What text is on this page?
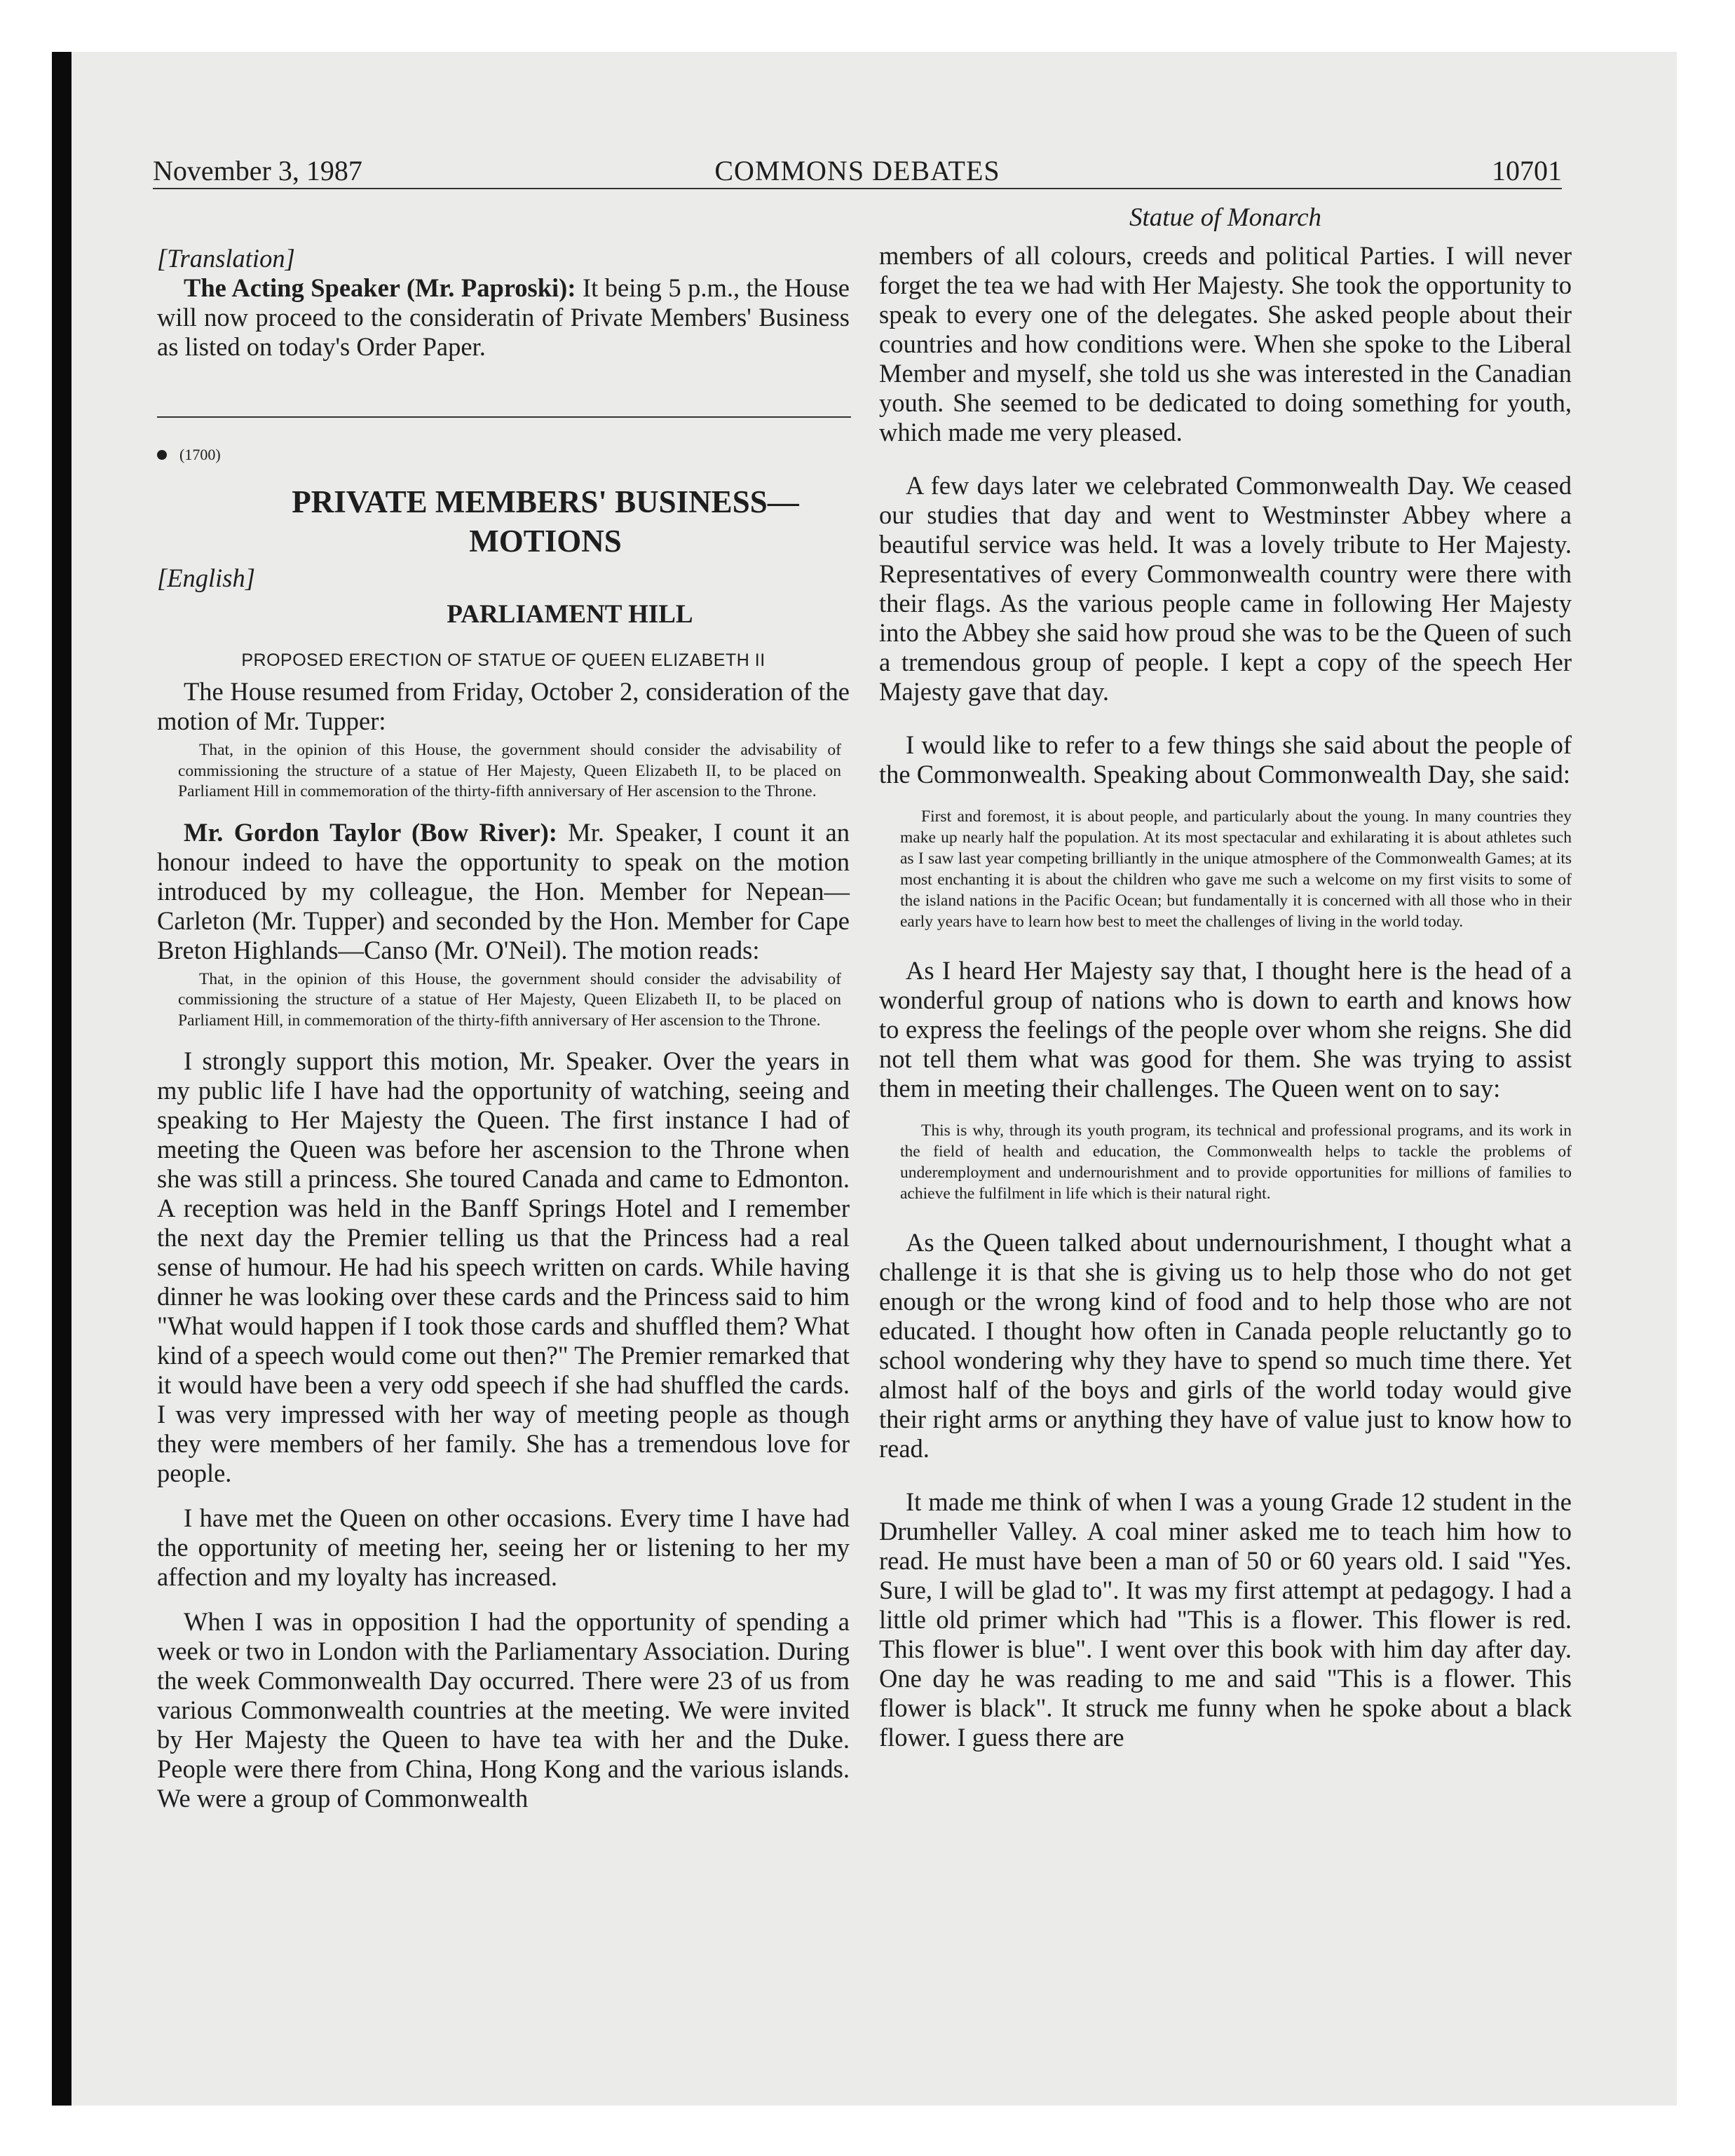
November 3, 1987	COMMONS DEBATES	10701

[Translation]

The Acting Speaker (Mr. Paproski): It being 5 p.m., the House will now proceed to the consideratin of Private Members' Business as listed on today's Order Paper.

(1700)
PRIVATE MEMBERS' BUSINESS—
MOTIONS

[English]

PARLIAMENT HILL
PROPOSED ERECTION OF STATUE OF QUEEN ELIZABETH II

The House resumed from Friday, October 2, consideration of the motion of Mr. Tupper:

That, in the opinion of this House, the government should consider the advisability of commissioning the structure of a statue of Her Majesty, Queen Elizabeth II, to be placed on Parliament Hill in commemoration of the thirty-fifth anniversary of Her ascension to the Throne.

Mr. Gordon Taylor (Bow River): Mr. Speaker, I count it an honour indeed to have the opportunity to speak on the motion introduced by my colleague, the Hon. Member for Nepean—Carleton (Mr. Tupper) and seconded by the Hon. Member for Cape Breton Highlands—Canso (Mr. O'Neil). The motion reads:

That, in the opinion of this House, the government should consider the advisability of commissioning the structure of a statue of Her Majesty, Queen Elizabeth II, to be placed on Parliament Hill, in commemoration of the thirty-fifth anniversary of Her ascension to the Throne.

I strongly support this motion, Mr. Speaker. Over the years in my public life I have had the opportunity of watching, seeing and speaking to Her Majesty the Queen. The first instance I had of meeting the Queen was before her ascension to the Throne when she was still a princess. She toured Canada and came to Edmonton. A reception was held in the Banff Springs Hotel and I remember the next day the Premier telling us that the Princess had a real sense of humour. He had his speech written on cards. While having dinner he was looking over these cards and the Princess said to him "What would happen if I took those cards and shuffled them? What kind of a speech would come out then?" The Premier remarked that it would have been a very odd speech if she had shuffled the cards. I was very impressed with her way of meeting people as though they were members of her family. She has a tremendous love for people.

I have met the Queen on other occasions. Every time I have had the opportunity of meeting her, seeing her or listening to her my affection and my loyalty has increased.

When I was in opposition I had the opportunity of spending a week or two in London with the Parliamentary Association. During the week Commonwealth Day occurred. There were 23 of us from various Commonwealth countries at the meeting. We were invited by Her Majesty the Queen to have tea with her and the Duke. People were there from China, Hong Kong and the various islands. We were a group of Commonwealth

Statue of Monarch

members of all colours, creeds and political Parties. I will never forget the tea we had with Her Majesty. She took the opportunity to speak to every one of the delegates. She asked people about their countries and how conditions were. When she spoke to the Liberal Member and myself, she told us she was interested in the Canadian youth. She seemed to be dedicated to doing something for youth, which made me very pleased.

A few days later we celebrated Commonwealth Day. We ceased our studies that day and went to Westminster Abbey where a beautiful service was held. It was a lovely tribute to Her Majesty. Representatives of every Commonwealth country were there with their flags. As the various people came in following Her Majesty into the Abbey she said how proud she was to be the Queen of such a tremendous group of people. I kept a copy of the speech Her Majesty gave that day.

I would like to refer to a few things she said about the people of the Commonwealth. Speaking about Commonwealth Day, she said:

First and foremost, it is about people, and particularly about the young. In many countries they make up nearly half the population. At its most spectacular and exhilarating it is about athletes such as I saw last year competing brilliantly in the unique atmosphere of the Commonwealth Games; at its most enchanting it is about the children who gave me such a welcome on my first visits to some of the island nations in the Pacific Ocean; but fundamentally it is concerned with all those who in their early years have to learn how best to meet the challenges of living in the world today.

As I heard Her Majesty say that, I thought here is the head of a wonderful group of nations who is down to earth and knows how to express the feelings of the people over whom she reigns. She did not tell them what was good for them. She was trying to assist them in meeting their challenges. The Queen went on to say:

This is why, through its youth program, its technical and professional programs, and its work in the field of health and education, the Commonwealth helps to tackle the problems of underemployment and undernourishment and to provide opportunities for millions of families to achieve the fulfilment in life which is their natural right.

As the Queen talked about undernourishment, I thought what a challenge it is that she is giving us to help those who do not get enough or the wrong kind of food and to help those who are not educated. I thought how often in Canada people reluctantly go to school wondering why they have to spend so much time there. Yet almost half of the boys and girls of the world today would give their right arms or anything they have of value just to know how to read.

It made me think of when I was a young Grade 12 student in the Drumheller Valley. A coal miner asked me to teach him how to read. He must have been a man of 50 or 60 years old. I said "Yes. Sure, I will be glad to". It was my first attempt at pedagogy. I had a little old primer which had "This is a flower. This flower is red. This flower is blue". I went over this book with him day after day. One day he was reading to me and said "This is a flower. This flower is black". It struck me funny when he spoke about a black flower. I guess there are
